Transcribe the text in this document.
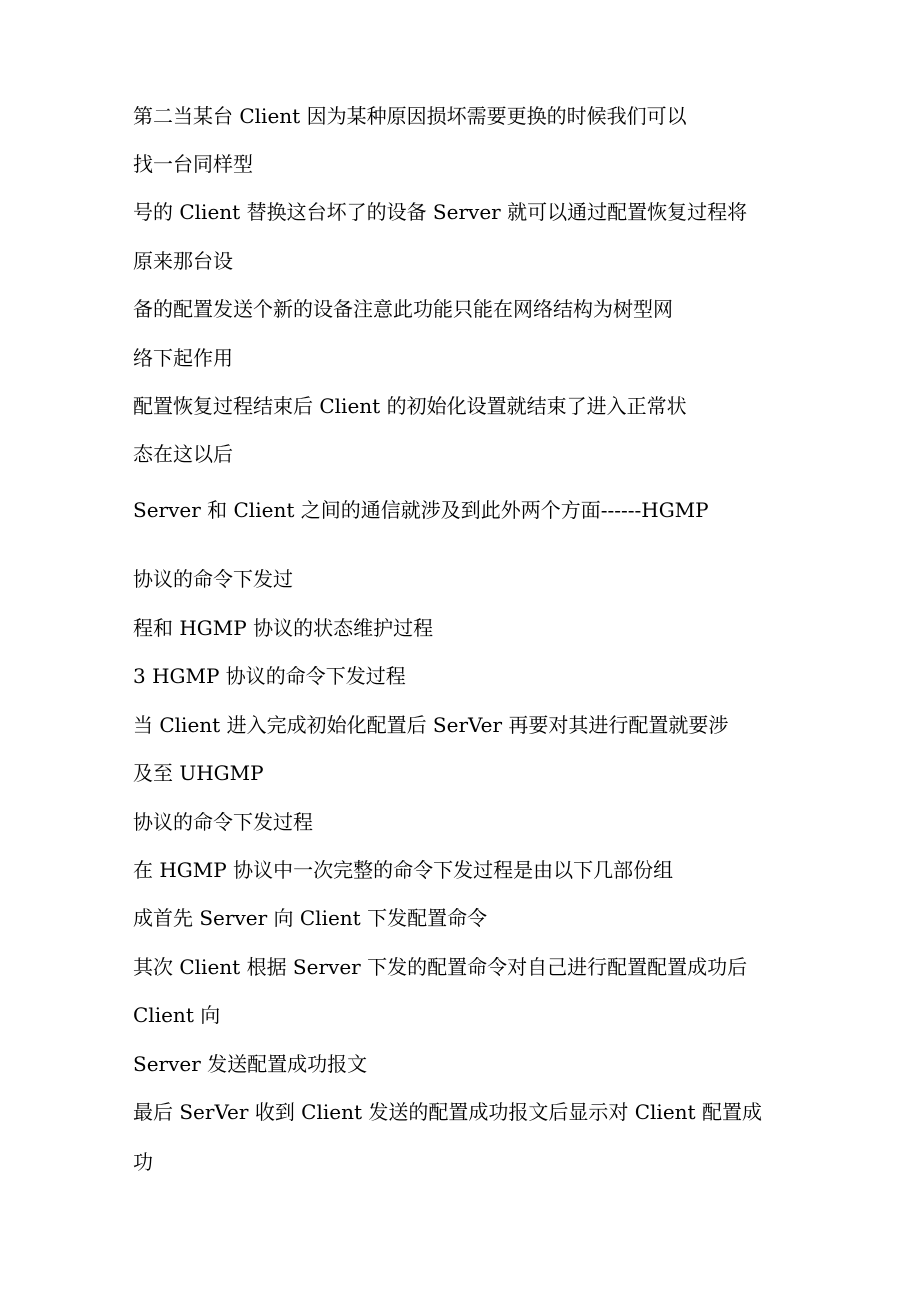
第二当某台 Client 因为某种原因损坏需要更换的时候我们可以
找一台同样型
号的 Client 替换这台坏了的设备 Server 就可以通过配置恢复过程将
原来那台设
备的配置发送个新的设备注意此功能只能在网络结构为树型网
络下起作用
配置恢复过程结束后 Client 的初始化设置就结束了进入正常状
态在这以后
Server 和 Client 之间的通信就涉及到此外两个方面------HGMP
协议的命令下发过
程和 HGMP 协议的状态维护过程
3 HGMP 协议的命令下发过程
当 Client 进入完成初始化配置后 SerVer 再要对其进行配置就要涉
及至 UHGMP
协议的命令下发过程
在 HGMP 协议中一次完整的命令下发过程是由以下几部份组
成首先 Server 向 Client 下发配置命令
其次 Client 根据 Server 下发的配置命令对自己进行配置配置成功后
Client 向
Server 发送配置成功报文
最后 SerVer 收到 Client 发送的配置成功报文后显示对 Client 配置成
功
